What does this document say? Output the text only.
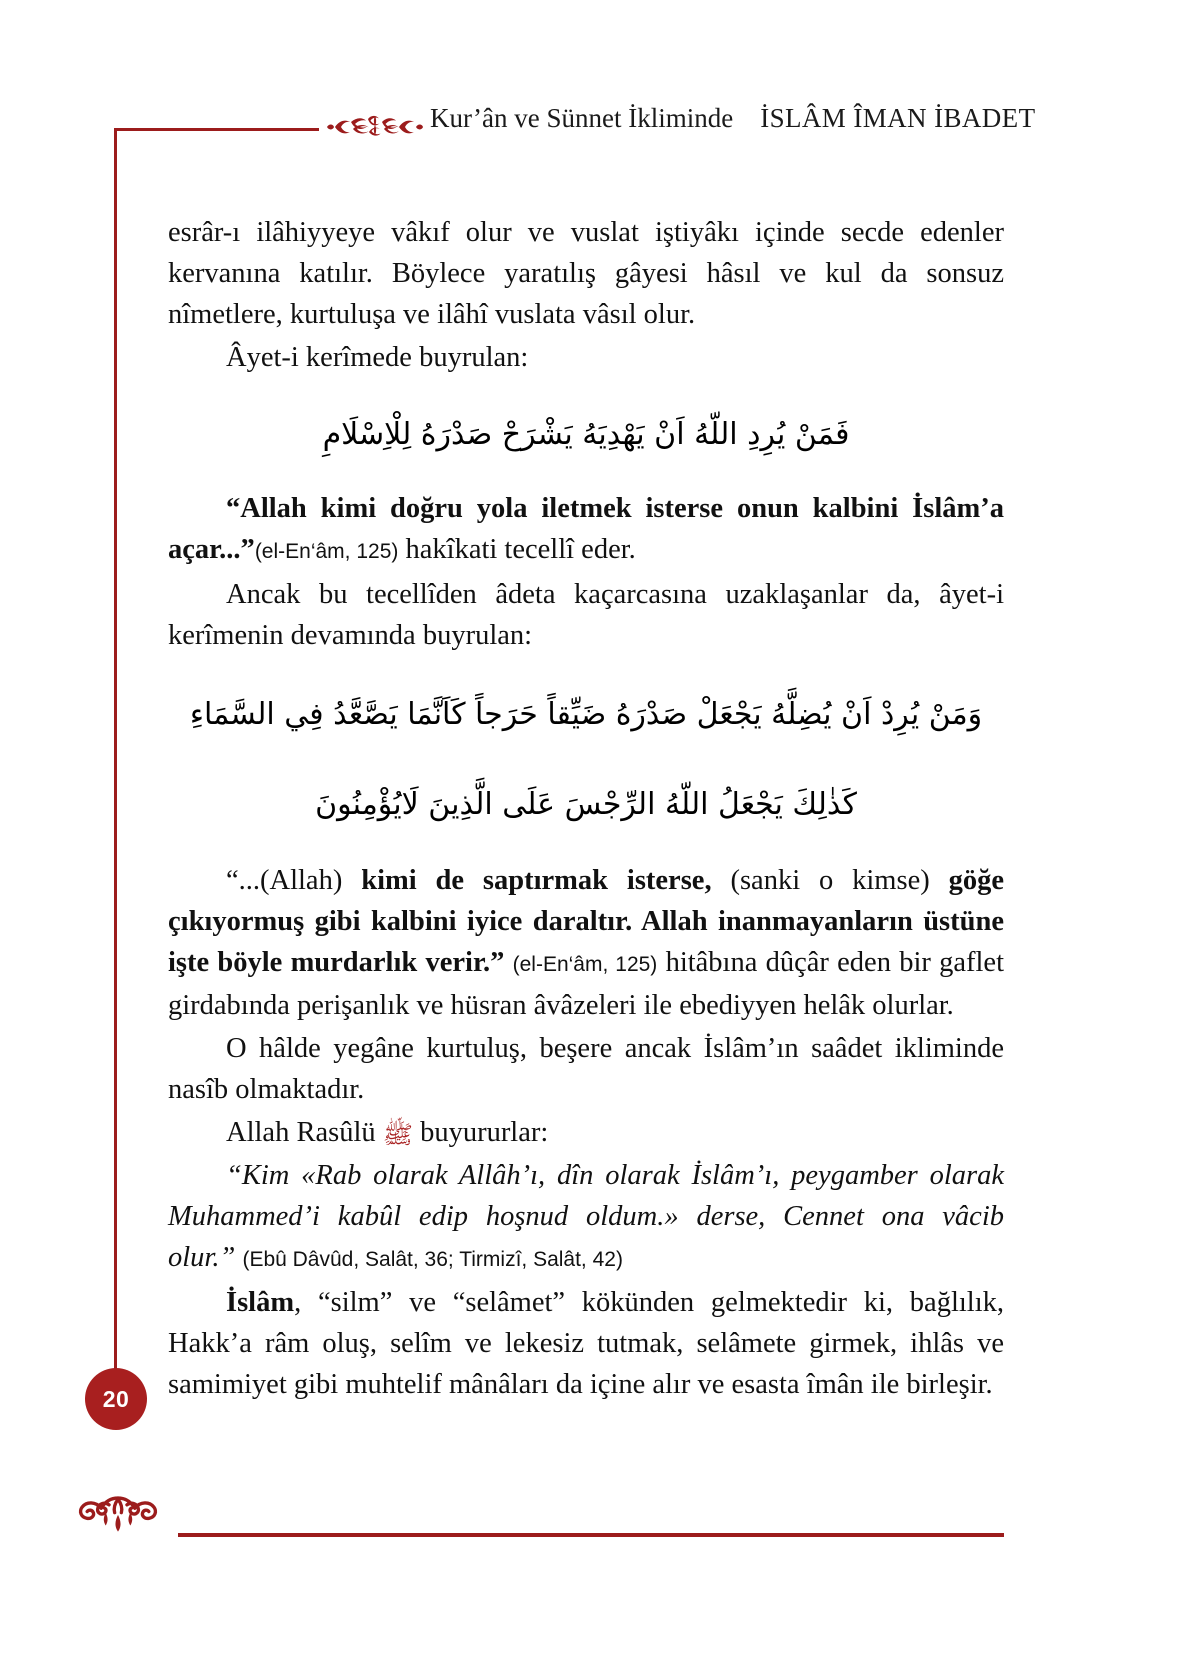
20
Kur’ân ve Sünnet İkliminde İSLÂM ÎMAN İBADET

esrâr-ı ilâhiyyeye vâkıf olur ve vuslat iştiyâkı içinde secde edenler kervanına katılır. Böylece yaratılış gâyesi hâsıl ve kul da sonsuz nîmetlere, kurtuluşa ve ilâhî vuslata vâsıl olur.

Âyet-i kerîmede buyrulan:

فَمَنْ يُرِدِ اللّهُ اَنْ يَهْدِيَهُ يَشْرَحْ صَدْرَهُ لِلْاِسْلَامِ

“Allah kimi doğru yola iletmek isterse onun kalbini İslâm’a açar...”(el-En‘âm, 125) hakîkati tecellî eder.

Ancak bu tecellîden âdeta kaçarcasına uzaklaşanlar da, âyet-i kerîmenin devamında buyrulan:

وَمَنْ يُرِدْ اَنْ يُضِلَّهُ يَجْعَلْ صَدْرَهُ ضَيِّقاً حَرَجاً كَاَنَّمَا يَصَّعَّدُ فِي السَّمَاءِ

كَذٰلِكَ يَجْعَلُ اللّهُ الرِّجْسَ عَلَى الَّذِينَ لَايُؤْمِنُونَ

“...(Allah) kimi de saptırmak isterse, (sanki o kimse) göğe çıkıyormuş gibi kalbini iyice daraltır. Allah inanmayanların üstüne işte böyle murdarlık verir.” (el-En‘âm, 125) hitâbına dûçâr eden bir gaflet girdabında perişanlık ve hüsran âvâzeleri ile ebediyyen helâk olurlar.

O hâlde yegâne kurtuluş, beşere ancak İslâm’ın saâdet ikliminde nasîb olmaktadır.

Allah Rasûlü ﷺ buyururlar:

“Kim «Rab olarak Allâh’ı, dîn olarak İslâm’ı, peygamber olarak Muhammed’i kabûl edip hoşnud oldum.» derse, Cennet ona vâcib olur.” (Ebû Dâvûd, Salât, 36; Tirmizî, Salât, 42)

İslâm, “silm” ve “selâmet” kökünden gelmektedir ki, bağlılık, Hakk’a râm oluş, selîm ve lekesiz tutmak, selâmete girmek, ihlâs ve samimiyet gibi muhtelif mânâları da içine alır ve esasta îmân ile birleşir.
